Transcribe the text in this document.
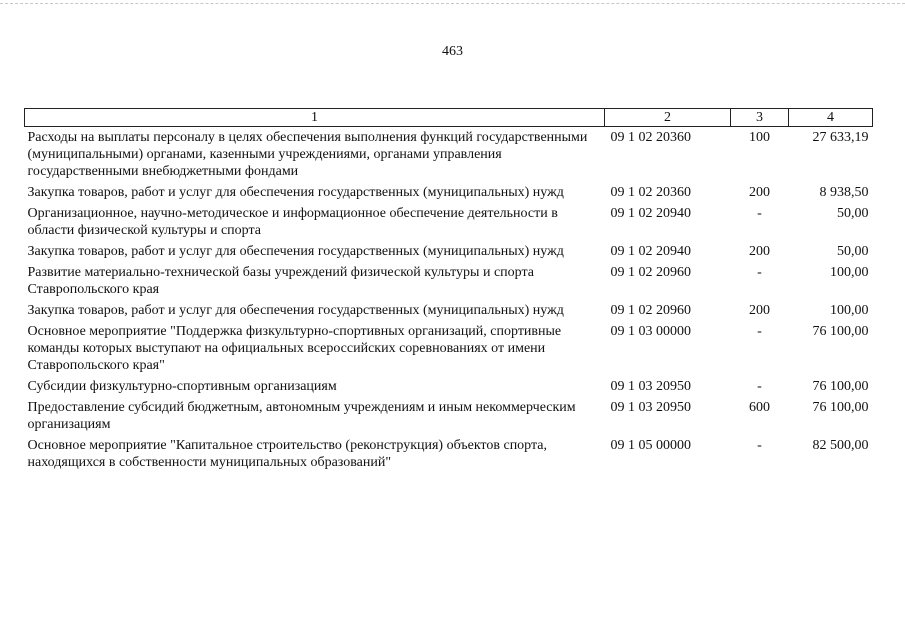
463
1	2	3	4
Расходы на выплаты персоналу в целях обеспечения выполнения функций государственными (муниципальными) органами, казенными учреждениями, органами управления государственными внебюджетными фондами	09 1 02 20360	100	27 633,19
Закупка товаров, работ и услуг для обеспечения государственных (муниципальных) нужд	09 1 02 20360	200	8 938,50
Организационное, научно-методическое и информационное обеспечение деятельности в области физической культуры и спорта	09 1 02 20940	-	50,00
Закупка товаров, работ и услуг для обеспечения государственных (муниципальных) нужд	09 1 02 20940	200	50,00
Развитие материально-технической базы учреждений физической культуры и спорта Ставропольского края	09 1 02 20960	-	100,00
Закупка товаров, работ и услуг для обеспечения государственных (муниципальных) нужд	09 1 02 20960	200	100,00
Основное мероприятие "Поддержка физкультурно-спортивных организаций, спортивные команды которых выступают на официальных всероссийских соревнованиях от имени Ставропольского края"	09 1 03 00000	-	76 100,00
Субсидии физкультурно-спортивным организациям	09 1 03 20950	-	76 100,00
Предоставление субсидий бюджетным, автономным учреждениям и иным некоммерческим организациям	09 1 03 20950	600	76 100,00
Основное мероприятие "Капитальное строительство (реконструкция) объектов спорта, находящихся в собственности муниципальных образований"	09 1 05 00000	-	82 500,00
